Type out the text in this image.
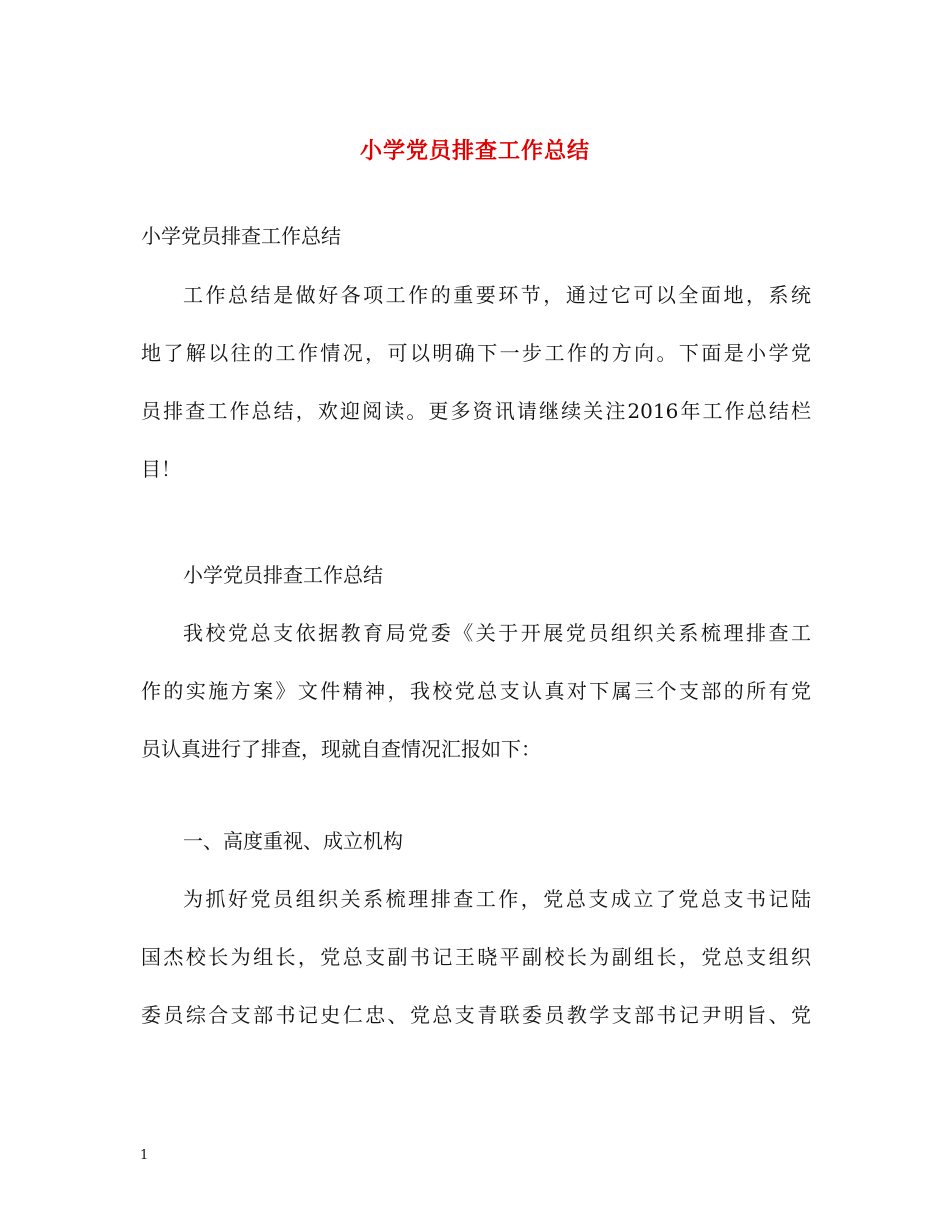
小学党员排查工作总结
小学党员排查工作总结
工作总结是做好各项工作的重要环节，通过它可以全面地，系统
地了解以往的工作情况，可以明确下一步工作的方向。下面是小学党
员排查工作总结，欢迎阅读。更多资讯请继续关注2016年工作总结栏
目！
小学党员排查工作总结
我校党总支依据教育局党委《关于开展党员组织关系梳理排查工
作的实施方案》文件精神，我校党总支认真对下属三个支部的所有党
员认真进行了排查，现就自查情况汇报如下：
一、高度重视、成立机构
为抓好党员组织关系梳理排查工作，党总支成立了党总支书记陆
国杰校长为组长，党总支副书记王晓平副校长为副组长，党总支组织
委员综合支部书记史仁忠、党总支青联委员教学支部书记尹明旨、党
1
